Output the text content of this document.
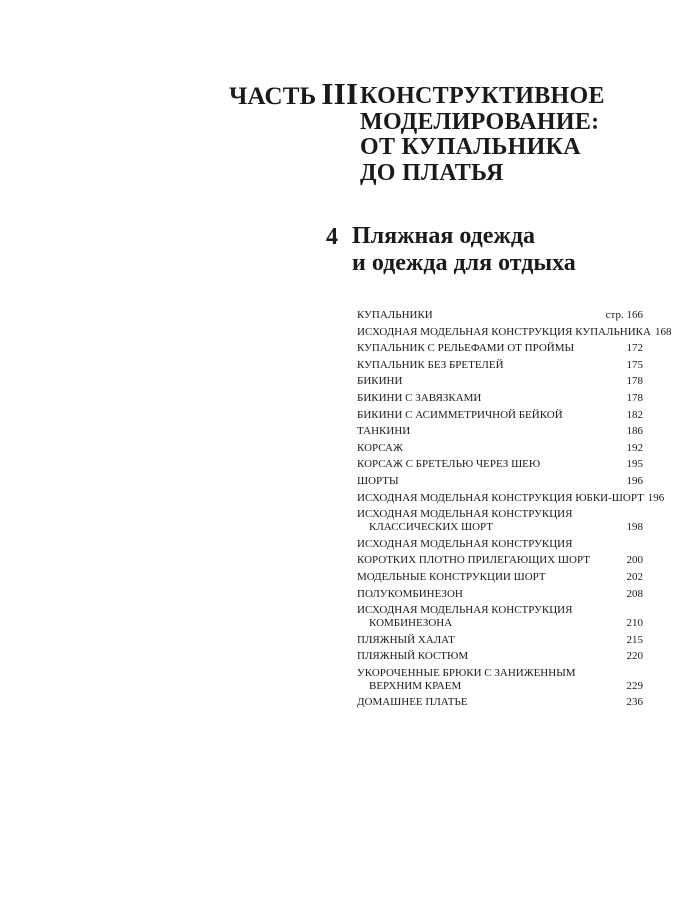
ЧАСТЬ III КОНСТРУКТИВНОЕ
МОДЕЛИРОВАНИЕ:
ОТ КУПАЛЬНИКА
ДО ПЛАТЬЯ
4 Пляжная одежда
и одежда для отдыха
КУПАЛЬНИКИ	стр. 166
ИСХОДНАЯ МОДЕЛЬНАЯ КОНСТРУКЦИЯ КУПАЛЬНИКА 168
КУПАЛЬНИК С РЕЛЬЕФАМИ ОТ ПРОЙМЫ	172
КУПАЛЬНИК БЕЗ БРЕТЕЛЕЙ	175
БИКИНИ	178
БИКИНИ С ЗАВЯЗКАМИ	178
БИКИНИ С АСИММЕТРИЧНОЙ БЕЙКОЙ	182
ТАНКИНИ	186
КОРСАЖ	192
КОРСАЖ С БРЕТЕЛЬЮ ЧЕРЕЗ ШЕЮ	195
ШОРТЫ	196
ИСХОДНАЯ МОДЕЛЬНАЯ КОНСТРУКЦИЯ ЮБКИ-ШОРТ 196
ИСХОДНАЯ МОДЕЛЬНАЯ КОНСТРУКЦИЯ
КЛАССИЧЕСКИХ ШОРТ	198
ИСХОДНАЯ МОДЕЛЬНАЯ КОНСТРУКЦИЯ
КОРОТКИХ ПЛОТНО ПРИЛЕГАЮЩИХ ШОРТ	200
МОДЕЛЬНЫЕ КОНСТРУКЦИИ ШОРТ	202
ПОЛУКОМБИНЕЗОН	208
ИСХОДНАЯ МОДЕЛЬНАЯ КОНСТРУКЦИЯ
КОМБИНЕЗОНА	210
ПЛЯЖНЫЙ ХАЛАТ	215
ПЛЯЖНЫЙ КОСТЮМ	220
УКОРОЧЕННЫЕ БРЮКИ С ЗАНИЖЕННЫМ
ВЕРХНИМ КРАЕМ	229
ДОМАШНЕЕ ПЛАТЬЕ	236
